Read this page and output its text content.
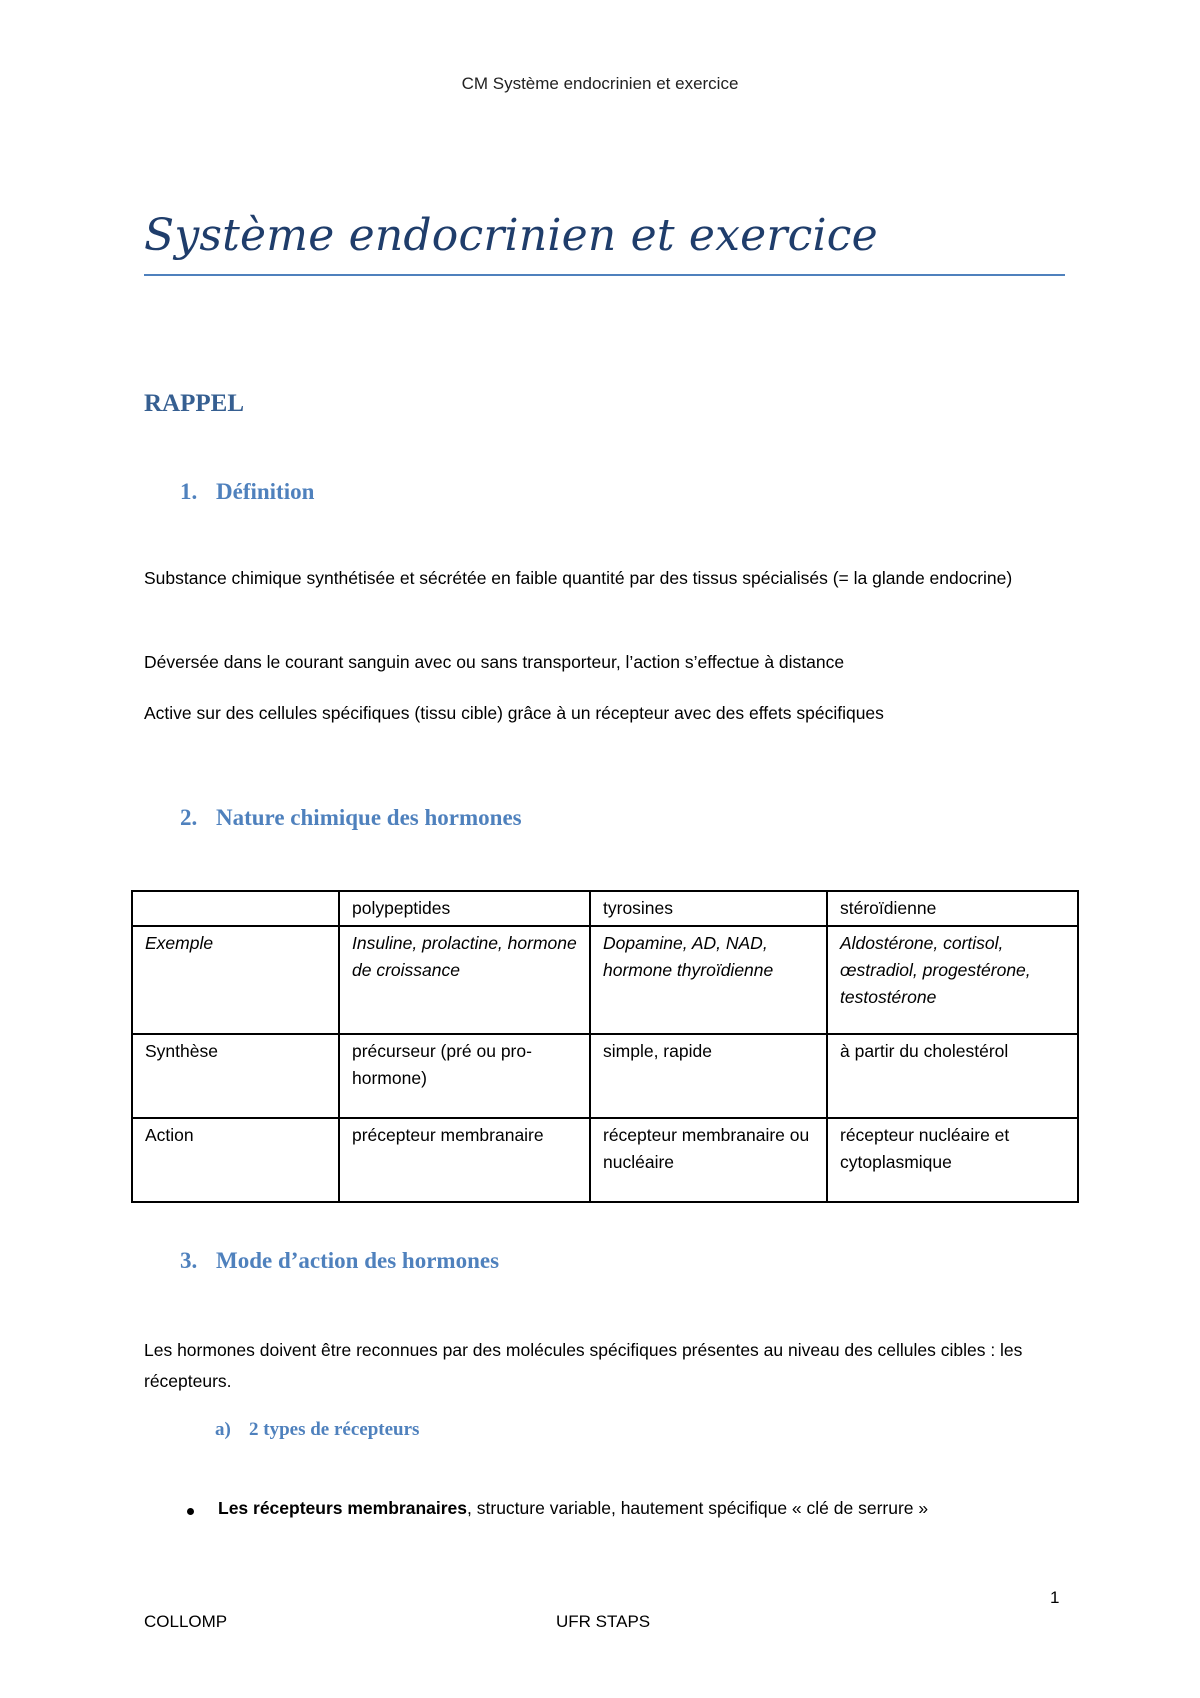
CM Système endocrinien et exercice
Système endocrinien et exercice
RAPPEL
1. Définition
Substance chimique synthétisée et sécrétée en faible quantité par des tissus spécialisés (= la glande endocrine)
Déversée dans le courant sanguin avec ou sans transporteur, l’action s’effectue à distance
Active sur des cellules spécifiques (tissu cible) grâce à un récepteur avec des effets spécifiques
2. Nature chimique des hormones
	polypeptides	tyrosines	stéroïdienne
Exemple	Insuline, prolactine, hormone de croissance	Dopamine, AD, NAD, hormone thyroïdienne	Aldostérone, cortisol, œstradiol, progestérone, testostérone
Synthèse	précurseur (pré ou pro-hormone)	simple, rapide	à partir du cholestérol
Action	précepteur membranaire	récepteur membranaire ou nucléaire	récepteur nucléaire et cytoplasmique
3. Mode d’action des hormones
Les hormones doivent être reconnues par des molécules spécifiques présentes au niveau des cellules cibles : les récepteurs.
a) 2 types de récepteurs
Les récepteurs membranaires, structure variable, hautement spécifique « clé de serrure »
1
COLLOMP	UFR STAPS
